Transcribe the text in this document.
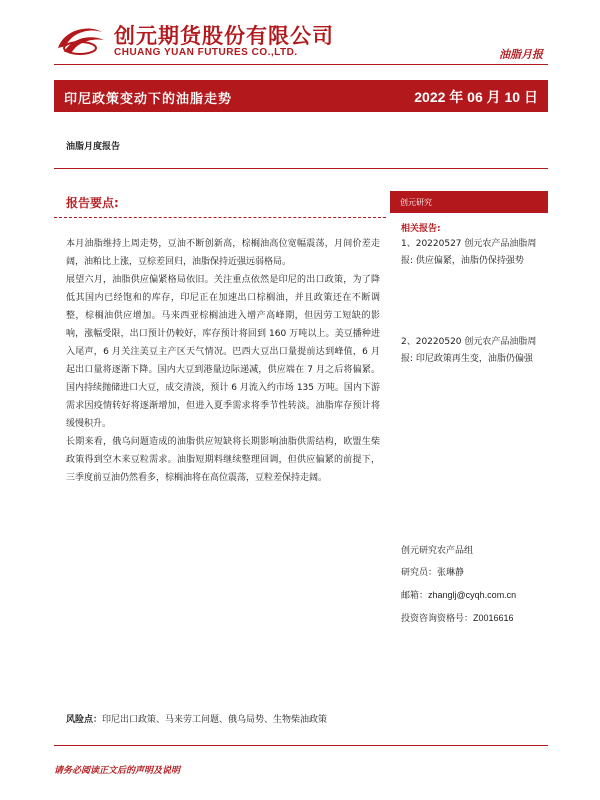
创元期货股份有限公司
CHUANG YUAN FUTURES CO.,LTD.	油脂月报
印尼政策变动下的油脂走势	2022 年 06 月 10 日
油脂月度报告
报告要点:

本月油脂维持上周走势，豆油不断创新高，棕榈油高位宽幅震荡，月间价差走阔，油粕比上涨，豆棕差回归，油脂保持近强远弱格局。

展望六月，油脂供应偏紧格局依旧。关注重点依然是印尼的出口政策，为了降低其国内已经饱和的库存，印尼正在加速出口棕榈油，并且政策还在不断调整，棕榈油供应增加。马来西亚棕榈油进入增产高峰期，但因劳工短缺的影响，涨幅受限，出口预计仍較好，库存预计将回到 160 万吨以上。美豆播种进入尾声，6 月关注美豆主产区天气情况。巴西大豆出口量提前达到峰值，6 月起出口量将逐渐下降。国内大豆到港量边际递减，供应端在 7 月之后将偏紧。国内持续抛储进口大豆，成交清淡，预计 6 月流入约市场 135 万吨。国内下游需求因疫情转好将逐渐增加，但进入夏季需求将季节性转淡。油脂库存预计将缓慢积升。

长期来看，俄乌问题造成的油脂供应短缺将长期影响油脂供需结构，欧盟生柴政策得到空木来豆粒需求。油脂短期料继续整理回调，但供应偏紧的前提下，三季度前豆油仍然看多，棕榈油将在高位震荡，豆粒差保持走阔。

创元研究
相关报告:
1、20220527 创元农产品油脂周报: 供应偏紧，油脂仍保持强势
2、20220520 创元农产品油脂周报: 印尼政策再生变，油脂仍偏强
创元研究农产品组
研究员：张琳静
邮箱：zhanglj@cyqh.com.cn
投资咨询资格号：Z0016616
风险点：印尼出口政策、马来劳工问题、俄乌局势、生物柴油政策
请务必阅读正文后的声明及说明
